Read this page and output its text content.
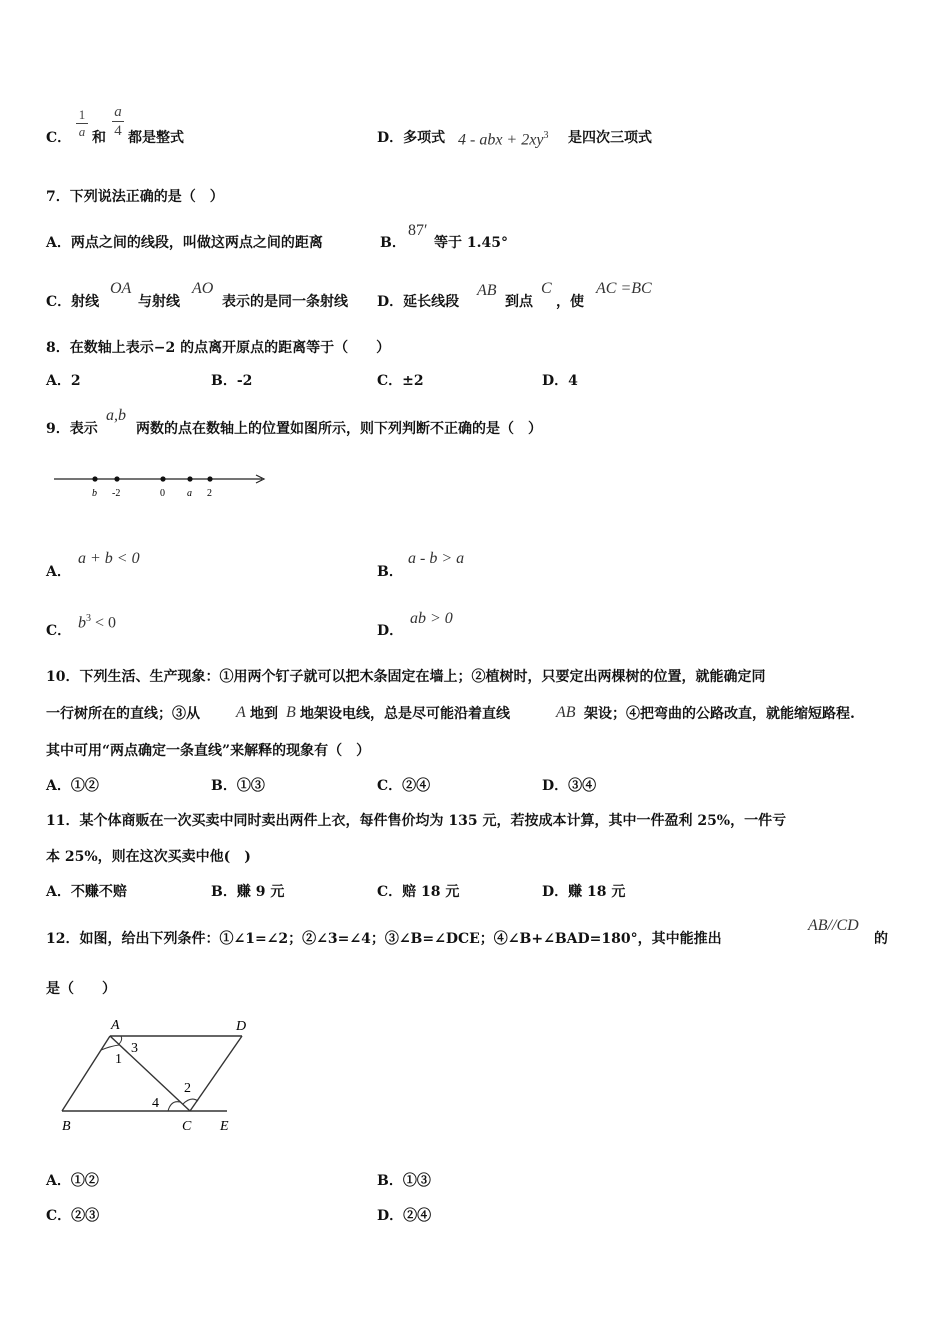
C．
1
a 和
a
4 都是整式	D．多项式 4 - abx + $2xy^3$ 是四次三项式
7．下列说法正确的是（　）
A．两点之间的线段，叫做这两点之间的距离	B．
87′
等于 1.45°
C．射线
OA
与射线
AO
表示的是同一条射线 D．延长线段
AB
到点
C
，使
AC =BC
8．在数轴上表示−2 的点离开原点的距离等于（　　）
A．2	B．-2	C．±2	D．4
9．表示
a,b
两数的点在数轴上的位置如图所示，则下列判断不正确的是（　）
b -2	0 a 2
A．
a + b < 0
B．
a - b > a
C． $b^3 < 0$	D．
ab > 0
10．下列生活、生产现象：①用两个钉子就可以把木条固定在墙上；②植树时，只要定出两棵树的位置，就能确定同
一行树所在的直线；③从 A 地到 B 地架设电线，总是尽可能沿着直线	AB 架设；④把弯曲的公路改直，就能缩短路程.
其中可用“两点确定一条直线”来解释的现象有（　）
A．①②	B．①③	C．②④	D．③④
11．某个体商贩在一次买卖中同时卖出两件上衣，每件售价均为 135 元，若按成本计算，其中一件盈利 25%，一件亏
本 25%，则在这次买卖中他(　)
A．不赚不赔	B．赚 9 元	C．赔 18 元	D．赚 18 元
12．如图，给出下列条件：①∠1=∠2；②∠3=∠4；③∠B=∠DCE；④∠B+∠BAD=180°，其中能推出
AB//CD
的
是（　　）
A	D
B	C E
1
2
3
4
A．①②	B．①③
C．②③	D．②④
